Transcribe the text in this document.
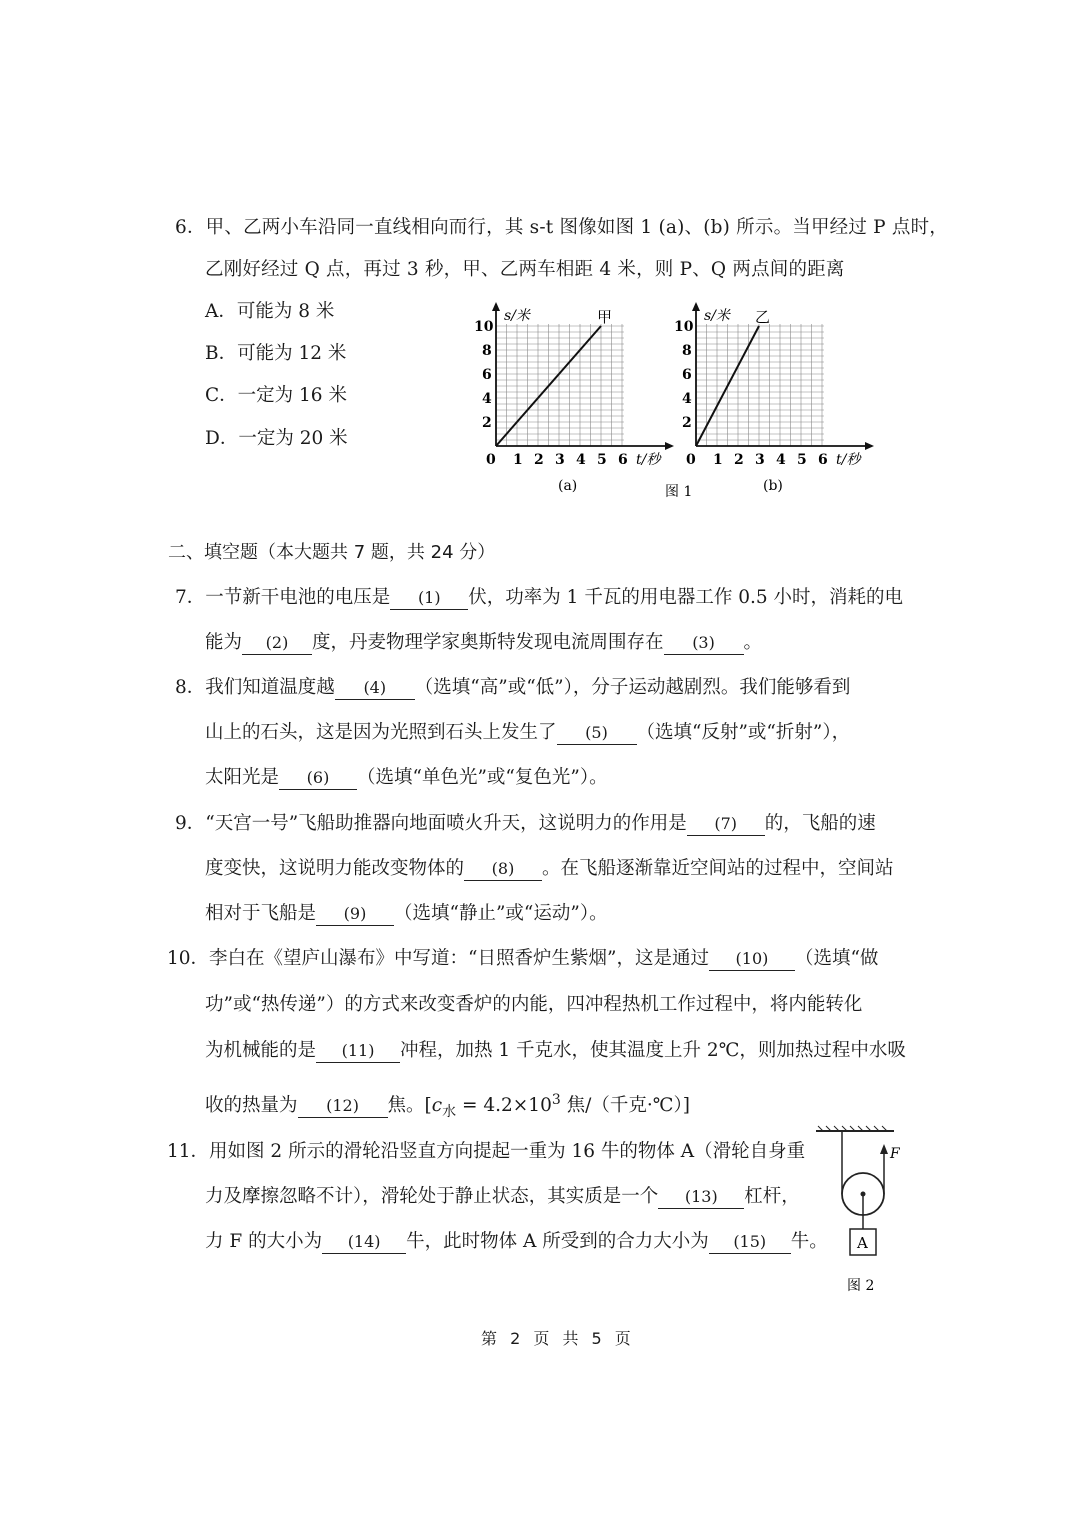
6．甲、乙两小车沿同一直线相向而行，其 s-t 图像如图 1 (a)、(b) 所示。当甲经过 P 点时，
乙刚好经过 Q 点，再过 3 秒，甲、乙两车相距 4 米，则 P、Q 两点间的距离
A．可能为 8 米
B．可能为 12 米
C．一定为 16 米
D．一定为 20 米
0 1 2 3 4 5 6
2
4
6
8
10
s/米
t/秒
甲
0 1 2 3 4 5 6
2
4
6
8
10
s/米
t/秒
乙
(a)	(b)
图 1
二、填空题（本大题共 7 题，共 24 分）
7．一节新干电池的电压是 (1) 伏，功率为 1 千瓦的用电器工作 0.5 小时，消耗的电
能为 (2) 度，丹麦物理学家奥斯特发现电流周围存在 (3) 。
8．我们知道温度越 (4) （选填“高”或“低”），分子运动越剧烈。我们能够看到
山上的石头，这是因为光照到石头上发生了 (5) （选填“反射”或“折射”），
太阳光是 (6) （选填“单色光”或“复色光”）。
9．“天宫一号”飞船助推器向地面喷火升天，这说明力的作用是 (7) 的，飞船的速
度变快，这说明力能改变物体的 (8) 。在飞船逐渐靠近空间站的过程中，空间站
相对于飞船是 (9) （选填“静止”或“运动”）。
10．李白在《望庐山瀑布》中写道：“日照香炉生紫烟”，这是通过 (10) （选填“做
功”或“热传递”）的方式来改变香炉的内能，四冲程热机工作过程中，将内能转化
为机械能的是 (11) 冲程，加热 1 千克水，使其温度上升 2℃，则加热过程中水吸
收的热量为 (12) 焦。[$c_水 = 4.2\times 10^3$ 焦/（千克·℃）]
11．用如图 2 所示的滑轮沿竖直方向提起一重为 16 牛的物体 A（滑轮自身重
力及摩擦忽略不计），滑轮处于静止状态，其实质是一个 (13) 杠杆，
力 F 的大小为 (14) 牛，此时物体 A 所受到的合力大小为 (15) 牛。
F
A
图 2
第 2 页 共 5 页
